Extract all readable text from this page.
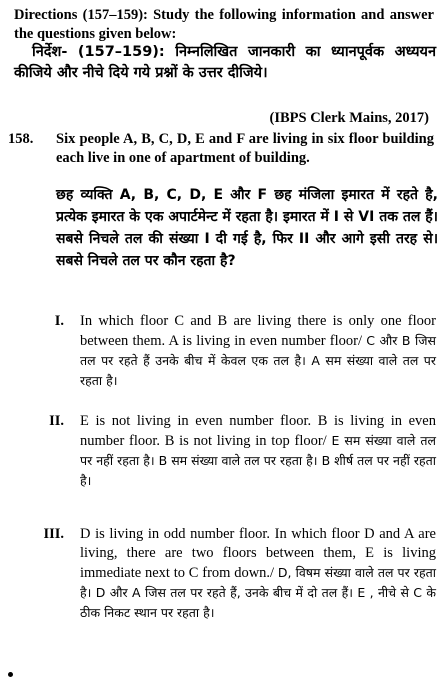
Directions (157–159): Study the following information and answer the questions given below:
निर्देश- (157–159): निम्नलिखित जानकारी का ध्यानपूर्वक अध्ययन कीजिये और नीचे दिये गये प्रश्नों के उत्तर दीजिये।
(IBPS Clerk Mains, 2017)
158. Six people A, B, C, D, E and F are living in six floor building each live in one of apartment of building.
छह व्यक्ति A, B, C, D, E और F छह मंजिला इमारत में रहते है, प्रत्येक इमारत के एक अपार्टमेन्ट में रहता है। इमारत में I से VI तक तल हैं। सबसे निचले तल की संख्या I दी गई है, फिर II और आगे इसी तरह से। सबसे निचले तल पर कौन रहता है?
I. In which floor C and B are living there is only one floor between them. A is living in even number floor/ C और B जिस तल पर रहते हैं उनके बीच में केवल एक तल है। A सम संख्या वाले तल पर रहता है।
II. E is not living in even number floor. B is living in even number floor. B is not living in top floor/ E सम संख्या वाले तल पर नहीं रहता है। B सम संख्या वाले तल पर रहता है। B शीर्ष तल पर नहीं रहता है।
III. D is living in odd number floor. In which floor D and A are living, there are two floors between them, E is living immediate next to C from down./ D, विषम संख्या वाले तल पर रहता है। D और A जिस तल पर रहते हैं, उनके बीच में दो तल हैं। E , नीचे से C के ठीक निकट स्थान पर रहता है।
